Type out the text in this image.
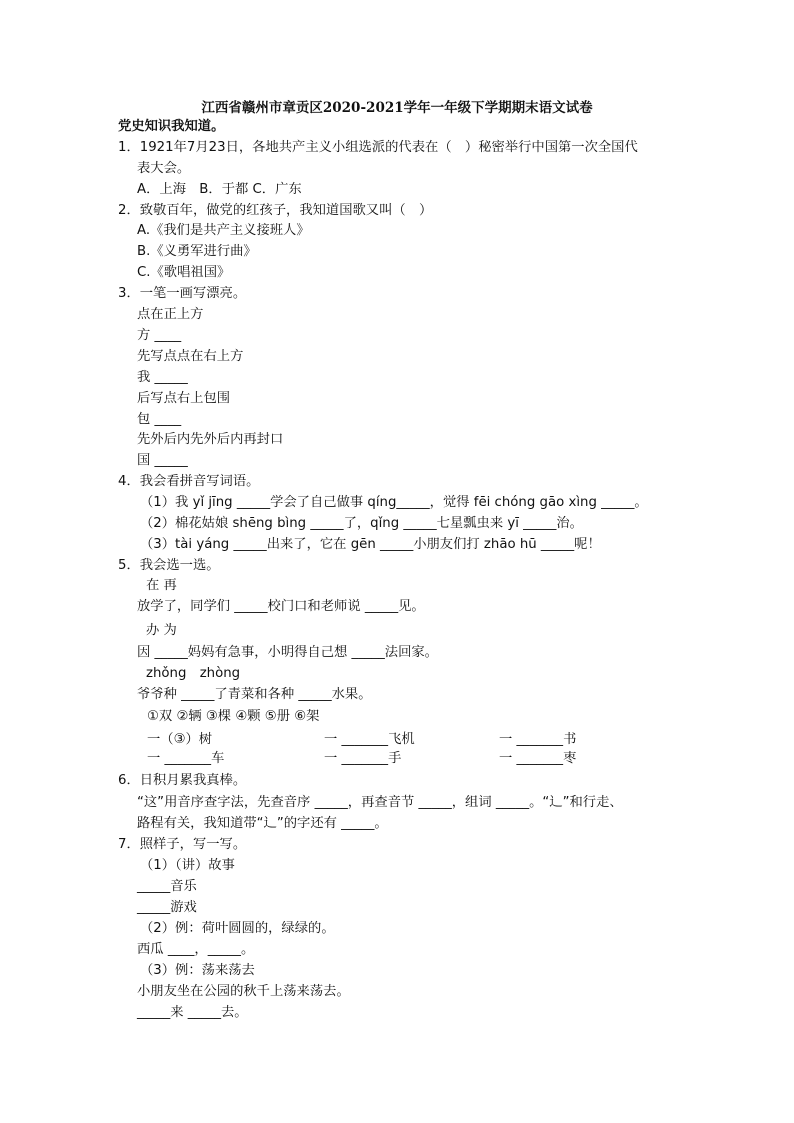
江西省赣州市章贡区2020-2021学年一年级下学期期末语文试卷
党史知识我知道。
1．1921年7月23日，各地共产主义小组选派的代表在（　）秘密举行中国第一次全国代
表大会。
A．上海　B．于都 C．广东
2．致敬百年，做党的红孩子，我知道国歌又叫（　）
A.《我们是共产主义接班人》
B.《义勇军进行曲》
C.《歌唱祖国》
3．一笔一画写漂亮。
点在正上方
方 ____
先写点点在右上方
我 _____
后写点右上包围
包 ____
先外后内先外后内再封口
国 _____
4．我会看拼音写词语。
（1）我 yǐ jīng _____学会了自己做事 qíng_____，觉得 fēi chóng gāo xìng _____。
（2）棉花姑娘 shēng bìng _____了，qǐng _____七星瓢虫来 yī _____治。
（3）tài yáng _____出来了，它在 gēn _____小朋友们打 zhāo hū _____呢！
5．我会选一选。
在 再
放学了，同学们 _____校门口和老师说 _____见。
办 为
因 _____妈妈有急事，小明得自己想 _____法回家。
zhǒng　zhòng
爷爷种 _____了青菜和各种 _____水果。
①双 ②辆 ③棵 ④颗 ⑤册 ⑥架
一（③）树	一 _______飞机	一 _______书
一 _______车	一 _______手	一 _______枣
6．日积月累我真棒。
“这”用音序查字法，先查音序 _____，再查音节 _____，组词 _____。“辶”和行走、
路程有关，我知道带“辶”的字还有 _____。
7．照样子，写一写。
（1）（讲）故事
_____音乐
_____游戏
（2）例：荷叶圆圆的，绿绿的。
西瓜 ____，_____。
（3）例：荡来荡去
小朋友坐在公园的秋千上荡来荡去。
_____来 _____去。
